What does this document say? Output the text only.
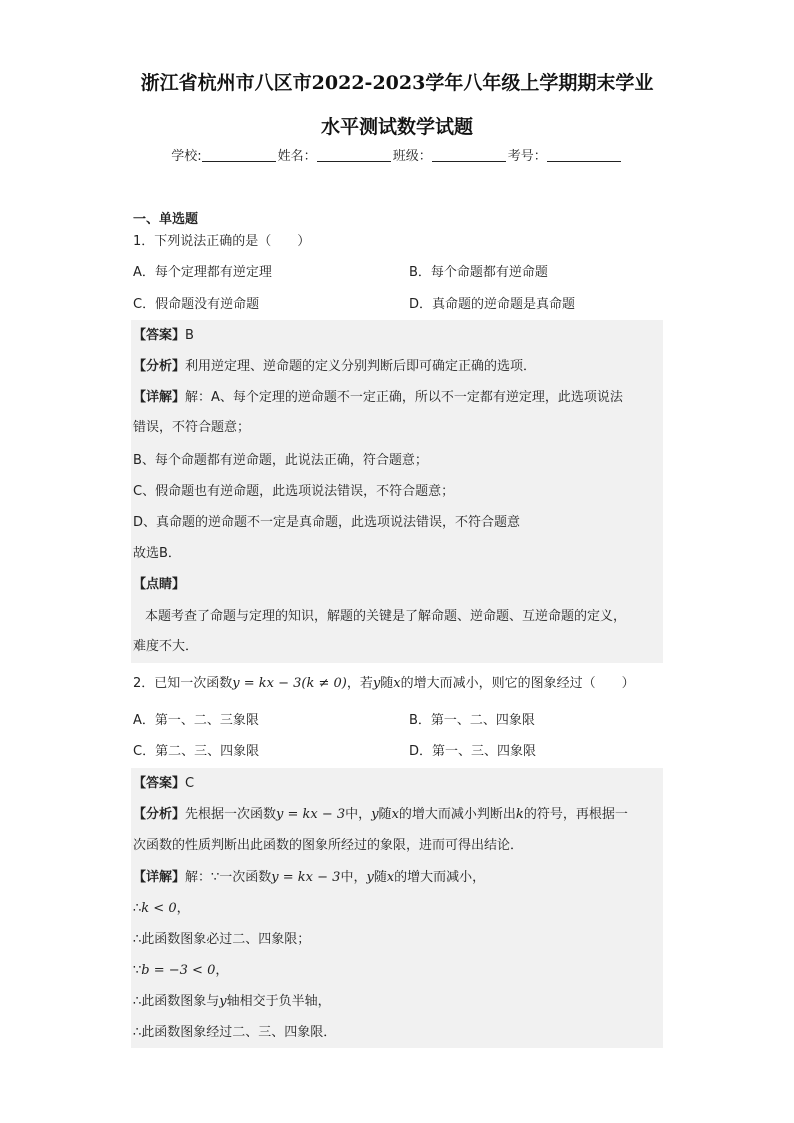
浙江省杭州市八区市2022-2023学年八年级上学期期末学业
水平测试数学试题
学校:	姓名：	班级：	考号：
一、单选题
1．下列说法正确的是（　　）
A．每个定理都有逆定理	B．每个命题都有逆命题
C．假命题没有逆命题	D．真命题的逆命题是真命题
【答案】B
【分析】利用逆定理、逆命题的定义分别判断后即可确定正确的选项．
【详解】解：A、每个定理的逆命题不一定正确，所以不一定都有逆定理，此选项说法
错误，不符合题意；
B、每个命题都有逆命题，此说法正确，符合题意；
C、假命题也有逆命题，此选项说法错误，不符合题意；
D、真命题的逆命题不一定是真命题，此选项说法错误，不符合题意
故选B．
【点睛】
本题考查了命题与定理的知识，解题的关键是了解命题、逆命题、互逆命题的定义，
难度不大．
2．已知一次函数y = kx − 3(k ≠ 0)，若y随x的增大而减小，则它的图象经过（　　）
A．第一、二、三象限	B．第一、二、四象限
C．第二、三、四象限	D．第一、三、四象限
【答案】C
【分析】先根据一次函数y = kx − 3中，y随x的增大而减小判断出k的符号，再根据一
次函数的性质判断出此函数的图象所经过的象限，进而可得出结论．
【详解】解：∵一次函数y = kx − 3中，y随x的增大而减小，
∴k < 0，
∴此函数图象必过二、四象限；
∵b = −3 < 0，
∴此函数图象与y轴相交于负半轴，
∴此函数图象经过二、三、四象限．
